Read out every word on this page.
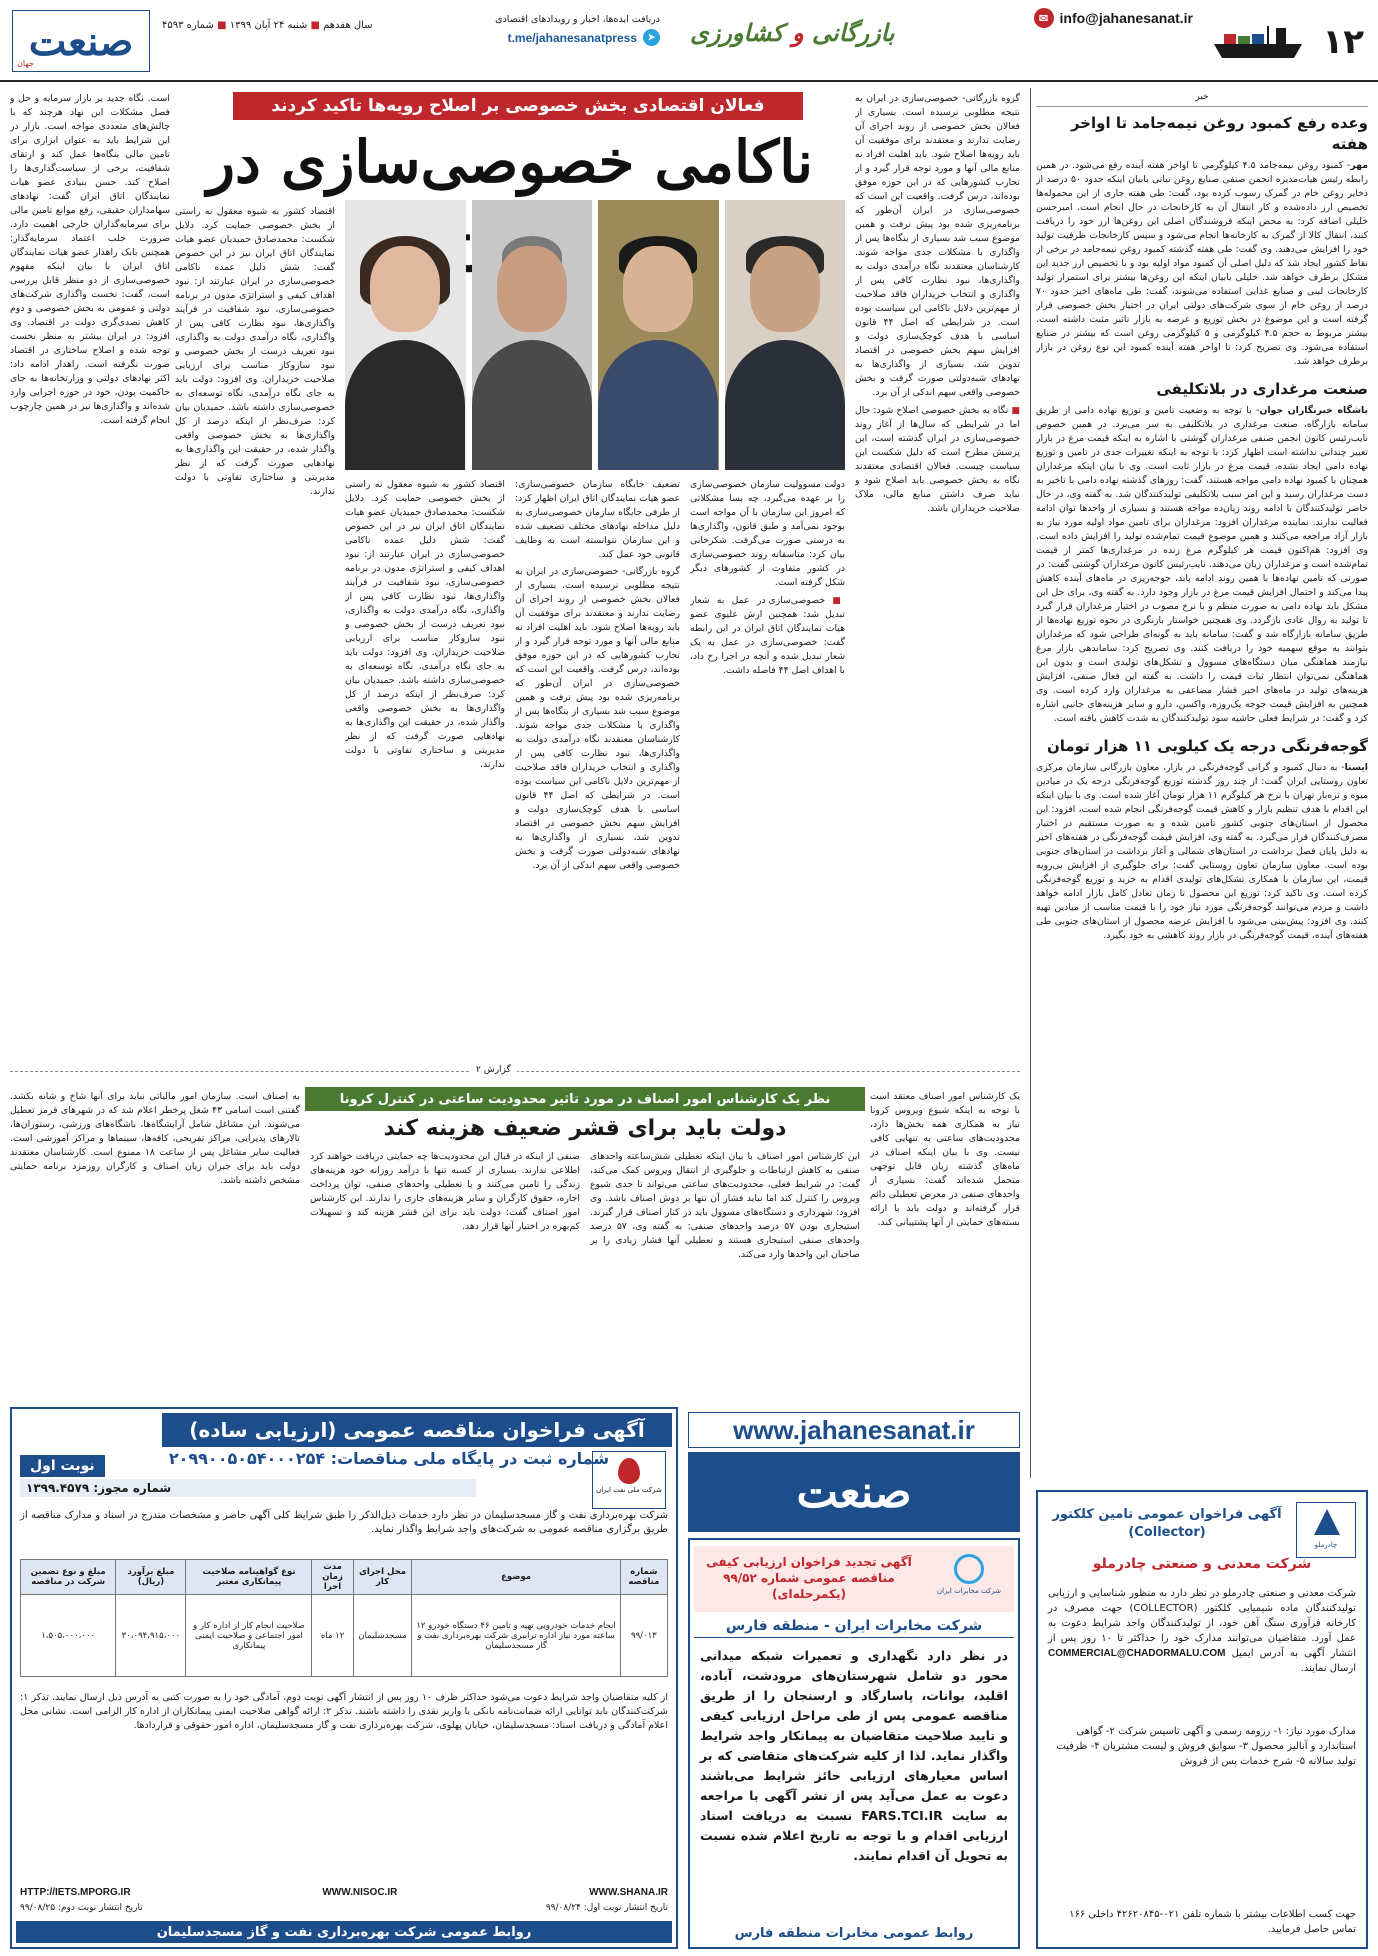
۱۲
✉ info@jahanesanat.ir
بازرگانی و کشاورزی
دریافت ایده‌ها، اخبار و رویدادهای اقتصادی
t.me/jahanesanatpress	➤
سال هفدهم ■ شنبه ۲۴ آبان ۱۳۹۹ ■ شماره ۴۵۹۳
صنعت
جهان
خبر
وعده رفع کمبود روغن نیمه‌جامد تا اواخر هفته

مهر- کمبود روغن نیمه‌جامد ۴.۵ کیلوگرمی تا اواخر هفته آینده رفع می‌شود. در همین رابطه رئیس هیات‌مدیره انجمن صنفی صنایع روغن نباتی بابیان اینکه حدود ۵۰ درصد از ذخایر روغن خام در گمرک رسوب کرده بود، گفت: طی هفته جاری از این محموله‌ها تخصیص ارز داده‌شده و کار انتقال آن به کارخانجات در حال انجام است. امیرحسن خلیلی اضافه کرد: به محض اینکه فروشندگان اصلی این روغن‌ها ارز خود را دریافت کنند، انتقال کالا از گمرک به کارخانه‌ها انجام می‌شود و سپس کارخانجات ظرفیت تولید خود را افزایش می‌دهند. وی گفت: طی هفته گذشته کمبود روغن نیمه‌جامد در برخی از نقاط کشور ایجاد شد که دلیل اصلی آن کمبود مواد اولیه بود و با تخصیص ارز جدید این مشکل برطرف خواهد شد. خلیلی بابیان اینکه این روغن‌ها بیشتر برای استمرار تولید کارخانجات لبنی و صنایع غذایی استفاده می‌شوند، گفت: طی ماه‌های اخیر حدود ۷۰ درصد از روغن خام از سوی شرکت‌های دولتی ایران در اختیار بخش خصوصی قرار گرفته است و این موضوع در بخش توزیع و عرضه به بازار تاثیر مثبت داشته است. بیشتر مربوط به حجم ۴.۵ کیلوگرمی و ۵ کیلوگرمی روغن است که بیشتر در صنایع استفاده می‌شود. وی تصریح کرد: تا اواخر هفته آینده کمبود این نوع روغن در بازار برطرف خواهد شد.

صنعت مرغداری در بلاتکلیفی

باشگاه خبرنگاران جوان- با توجه به وضعیت تامین و توزیع نهاده دامی از طریق سامانه بازارگاه، صنعت مرغداری در بلاتکلیفی به سر می‌برد. در همین خصوص نایب‌رئیس کانون انجمن صنفی مرغداران گوشتی با اشاره به اینکه قیمت مرغ در بازار تغییر چندانی نداشته است اظهار کرد: با توجه به اینکه تغییرات جدی در تامین و توزیع نهاده دامی ایجاد نشده، قیمت مرغ در بازار ثابت است. وی با بیان اینکه مرغداران همچنان با کمبود نهاده دامی مواجه هستند، گفت: روزهای گذشته نهاده دامی با تاخیر به دست مرغداران رسید و این امر سبب بلاتکلیفی تولیدکنندگان شد. به گفته وی، در حال حاضر تولیدکنندگان با ادامه روند زیان‌ده مواجه هستند و بسیاری از واحدها توان ادامه فعالیت ندارند. نماینده مرغداران افزود: مرغداران برای تامین مواد اولیه مورد نیاز به بازار آزاد مراجعه می‌کنند و همین موضوع قیمت تمام‌شده تولید را افزایش داده است. وی افزود: هم‌اکنون قیمت هر کیلوگرم مرغ زنده در مرغداری‌ها کمتر از قیمت تمام‌شده است و مرغداران زیان می‌دهند. نایب‌رئیس کانون مرغداران گوشتی گفت: در صورتی که تامین نهاده‌ها با همین روند ادامه یابد، جوجه‌ریزی در ماه‌های آینده کاهش پیدا می‌کند و احتمال افزایش قیمت مرغ در بازار وجود دارد. به گفته وی، برای حل این مشکل باید نهاده دامی به صورت منظم و با نرخ مصوب در اختیار مرغداران قرار گیرد تا تولید به روال عادی بازگردد. وی همچنین خواستار بازنگری در نحوه توزیع نهاده‌ها از طریق سامانه بازارگاه شد و گفت: سامانه باید به گونه‌ای طراحی شود که مرغداران بتوانند به موقع سهمیه خود را دریافت کنند. وی تصریح کرد: ساماندهی بازار مرغ نیازمند هماهنگی میان دستگاه‌های مسوول و تشکل‌های تولیدی است و بدون این هماهنگی نمی‌توان انتظار ثبات قیمت را داشت. به گفته این فعال صنفی، افزایش هزینه‌های تولید در ماه‌های اخیر فشار مضاعفی به مرغداران وارد کرده است. وی همچنین به افزایش قیمت جوجه یک‌روزه، واکسن، دارو و سایر هزینه‌های جانبی اشاره کرد و گفت: در شرایط فعلی حاشیه سود تولیدکنندگان به شدت کاهش یافته است.

گوجه‌فرنگی درجه یک کیلویی ۱۱ هزار تومان

ایسنا- به دنبال کمبود و گرانی گوجه‌فرنگی در بازار، معاون بازرگانی سازمان مرکزی تعاون روستایی ایران گفت: از چند روز گذشته توزیع گوجه‌فرنگی درجه یک در میادین میوه و تره‌بار تهران با نرخ هر کیلوگرم ۱۱ هزار تومان آغاز شده است. وی با بیان اینکه این اقدام با هدف تنظیم بازار و کاهش قیمت گوجه‌فرنگی انجام شده است، افزود: این محصول از استان‌های جنوبی کشور تامین شده و به صورت مستقیم در اختیار مصرف‌کنندگان قرار می‌گیرد. به گفته وی، افزایش قیمت گوجه‌فرنگی در هفته‌های اخیر به دلیل پایان فصل برداشت در استان‌های شمالی و آغاز برداشت در استان‌های جنوبی بوده است. معاون سازمان تعاون روستایی گفت: برای جلوگیری از افزایش بی‌رویه قیمت، این سازمان با همکاری تشکل‌های تولیدی اقدام به خرید و توزیع گوجه‌فرنگی کرده است. وی تاکید کرد: توزیع این محصول تا زمان تعادل کامل بازار ادامه خواهد داشت و مردم می‌توانند گوجه‌فرنگی مورد نیاز خود را با قیمت مناسب از میادین تهیه کنند. وی افزود: پیش‌بینی می‌شود با افزایش عرضه محصول از استان‌های جنوبی طی هفته‌های آینده، قیمت گوجه‌فرنگی در بازار روند کاهشی به خود بگیرد.

گروه بازرگانی- خصوصی‌سازی در ایران به نتیجه مطلوبی نرسیده است. بسیاری از فعالان بخش خصوصی از روند اجرای آن رضایت ندارند و معتقدند برای موفقیت آن باید رویه‌ها اصلاح شود. باید اهلیت افراد نه منابع مالی آنها و مورد توجه قرار گیرد و از تجارب کشورهایی که در این حوزه موفق بوده‌اند، درس گرفت. واقعیت این است که خصوصی‌سازی در ایران آن‌طور که برنامه‌ریزی شده بود پیش نرفت و همین موضوع سبب شد بسیاری از بنگاه‌ها پس از واگذاری با مشکلات جدی مواجه شوند. کارشناسان معتقدند نگاه درآمدی دولت به واگذاری‌ها، نبود نظارت کافی پس از واگذاری و انتخاب خریداران فاقد صلاحیت از مهم‌ترین دلایل ناکامی این سیاست بوده است. در شرایطی که اصل ۴۴ قانون اساسی با هدف کوچک‌سازی دولت و افزایش سهم بخش خصوصی در اقتصاد تدوین شد، بسیاری از واگذاری‌ها به نهادهای شبه‌دولتی صورت گرفت و بخش خصوصی واقعی سهم اندکی از آن برد.

■ نگاه به بخش خصوصی اصلاح شود: حال اما در شرایطی که سال‌ها از آغاز روند خصوصی‌سازی در ایران گذشته است، این پرسش مطرح است که دلیل شکست این سیاست چیست. فعالان اقتصادی معتقدند نگاه به بخش خصوصی باید اصلاح شود و نباید صرف داشتن منابع مالی، ملاک صلاحیت خریداران باشد.
فعالان اقتصادی بخش خصوصی بر اصلاح رویه‌ها تاکید کردند
ناکامی خصوصی‌سازی در

اقتصاد کشور به شیوه معقول نه راستی از بخش خصوصی حمایت کرد. دلایل شکست: محمدصادق حمیدیان عضو هیات نمایندگان اتاق ایران نیز در این خصوص گفت: شش دلیل عمده ناکامی خصوصی‌سازی در ایران عبارتند از: نبود اهداف کیفی و استراتژی مدون در برنامه خصوصی‌سازی، نبود شفافیت در فرآیند واگذاری‌ها، نبود نظارت کافی پس از واگذاری، نگاه درآمدی دولت به واگذاری، نبود تعریف درست از بخش خصوصی و نبود سازوکار مناسب برای ارزیابی صلاحیت خریداران. وی افزود: دولت باید به جای نگاه درآمدی، نگاه توسعه‌ای به خصوصی‌سازی داشته باشد. حمیدیان بیان کرد: صرف‌نظر از اینکه درصد از کل واگذاری‌ها به بخش خصوصی واقعی واگذار شده، در حقیقت این واگذاری‌ها به نهادهایی صورت گرفت که از نظر مدیریتی و ساختاری تفاوتی با دولت ندارند.

است. نگاه جدید بر بازار سرمایه و حل و فصل مشکلات این نهاد هرچند که با چالش‌های متعددی مواجه است. بازار در این شرایط باید به عنوان ابزاری برای تامین مالی بنگاه‌ها عمل کند و ارتقای شفافیت، برخی از سیاست‌گذاری‌ها را اصلاح کند. حسن بنیادی عضو هیات نمایندگان اتاق ایران گفت: نهادهای سهامداران حقیقی، رفع موانع تامین مالی برای سرمایه‌گذاران خارجی اهمیت دارد. ضرورت جلب اعتماد سرمایه‌گذار: همچنین بابک راهدار عضو هیات نمایندگان اتاق ایران با بیان اینکه مفهوم خصوصی‌سازی از دو منظر قابل بررسی است، گفت: نخست واگذاری شرکت‌های دولتی و عمومی به بخش خصوصی و دوم کاهش تصدی‌گری دولت در اقتصاد. وی افزود: در ایران بیشتر به منظر نخست توجه شده و اصلاح ساختاری در اقتصاد صورت نگرفته است. راهدار ادامه داد: اکثر نهادهای دولتی و وزارتخانه‌ها به جای حاکمیت بودن، خود در حوزه اجرایی وارد شده‌اند و واگذاری‌ها نیز در همین چارچوب انجام گرفته است.

دولت مسوولیت سازمان خصوصی‌سازی را بر عهده می‌گیرد، چه بسا مشکلاتی که امروز این سازمان با آن مواجه است بوجود نمی‌آمد و طبق قانون، واگذاری‌ها به درستی صورت می‌گرفت. شکرخانی بیان کرد: متاسفانه روند خصوصی‌سازی در کشور متفاوت از کشورهای دیگر شکل گرفته است.

■ خصوصی‌سازی در عمل به شعار تبدیل شد: همچنین ارش علیوی عضو هیات نمایندگان اتاق ایران در این رابطه گفت: خصوصی‌سازی در عمل به یک شعار تبدیل شده و آنچه در اجرا رخ داد، با اهداف اصل ۴۴ فاصله داشت.

تضعیف جایگاه سازمان خصوصی‌سازی: عضو هیات نمایندگان اتاق ایران اظهار کرد: از طرفی جایگاه سازمان خصوصی‌سازی به دلیل مداخله نهادهای مختلف تضعیف شده و این سازمان نتوانسته است به وظایف قانونی خود عمل کند.

گروه بازرگانی- خصوصی‌سازی در ایران به نتیجه مطلوبی نرسیده است. بسیاری از فعالان بخش خصوصی از روند اجرای آن رضایت ندارند و معتقدند برای موفقیت آن باید رویه‌ها اصلاح شود. باید اهلیت افراد نه منابع مالی آنها و مورد توجه قرار گیرد و از تجارب کشورهایی که در این حوزه موفق بوده‌اند، درس گرفت. واقعیت این است که خصوصی‌سازی در ایران آن‌طور که برنامه‌ریزی شده بود پیش نرفت و همین موضوع سبب شد بسیاری از بنگاه‌ها پس از واگذاری با مشکلات جدی مواجه شوند. کارشناسان معتقدند نگاه درآمدی دولت به واگذاری‌ها، نبود نظارت کافی پس از واگذاری و انتخاب خریداران فاقد صلاحیت از مهم‌ترین دلایل ناکامی این سیاست بوده است. در شرایطی که اصل ۴۴ قانون اساسی با هدف کوچک‌سازی دولت و افزایش سهم بخش خصوصی در اقتصاد تدوین شد، بسیاری از واگذاری‌ها به نهادهای شبه‌دولتی صورت گرفت و بخش خصوصی واقعی سهم اندکی از آن برد.

اقتصاد کشور به شیوه معقول نه راستی از بخش خصوصی حمایت کرد. دلایل شکست: محمدصادق حمیدیان عضو هیات نمایندگان اتاق ایران نیز در این خصوص گفت: شش دلیل عمده ناکامی خصوصی‌سازی در ایران عبارتند از: نبود اهداف کیفی و استراتژی مدون در برنامه خصوصی‌سازی، نبود شفافیت در فرآیند واگذاری‌ها، نبود نظارت کافی پس از واگذاری، نگاه درآمدی دولت به واگذاری، نبود تعریف درست از بخش خصوصی و نبود سازوکار مناسب برای ارزیابی صلاحیت خریداران. وی افزود: دولت باید به جای نگاه درآمدی، نگاه توسعه‌ای به خصوصی‌سازی داشته باشد. حمیدیان بیان کرد: صرف‌نظر از اینکه درصد از کل واگذاری‌ها به بخش خصوصی واقعی واگذار شده، در حقیقت این واگذاری‌ها به نهادهایی صورت گرفت که از نظر مدیریتی و ساختاری تفاوتی با دولت ندارند.

گزارش ۲
نظر یک کارشناس امور اصناف در مورد تاثیر محدودیت ساعتی در کنترل کرونا
دولت باید برای قشر ضعیف هزینه کند

یک کارشناس امور اصناف معتقد است با توجه به اینکه شیوع ویروس کرونا نیاز به همکاری همه بخش‌ها دارد، محدودیت‌های ساعتی به تنهایی کافی نیست. وی با بیان اینکه اصناف در ماه‌های گذشته زیان قابل توجهی متحمل شده‌اند گفت: بسیاری از واحدهای صنفی در معرض تعطیلی دائم قرار گرفته‌اند و دولت باید با ارائه بسته‌های حمایتی از آنها پشتیبانی کند.

این کارشناس امور اصناف با بیان اینکه تعطیلی شش‌ساعته واحدهای صنفی به کاهش ارتباطات و جلوگیری از انتقال ویروس کمک می‌کند، گفت: در شرایط فعلی، محدودیت‌های ساعتی می‌تواند تا حدی شیوع ویروس را کنترل کند اما نباید فشار آن تنها بر دوش اصناف باشد. وی افزود: شهرداری و دستگاه‌های مسوول باید در کنار اصناف قرار گیرند. استیجاری بودن ۵۷ درصد واحدهای صنفی: به گفته وی، ۵۷ درصد واحدهای صنفی استیجاری هستند و تعطیلی آنها فشار زیادی را بر صاحبان این واحدها وارد می‌کند.

صنفی از اینکه در قبال این محدودیت‌ها چه حمایتی دریافت خواهند کرد اطلاعی ندارند. بسیاری از کسبه تنها با درآمد روزانه خود هزینه‌های زندگی را تامین می‌کنند و با تعطیلی واحدهای صنفی، توان پرداخت اجاره، حقوق کارگران و سایر هزینه‌های جاری را ندارند. این کارشناس امور اصناف گفت: دولت باید برای این قشر هزینه کند و تسهیلات کم‌بهره در اختیار آنها قرار دهد.

به اصناف است. سازمان امور مالیاتی نباید برای آنها شاخ و شانه بکشد. گفتنی است اسامی ۴۳ شغل پرخطر اعلام شد که در شهرهای قرمز تعطیل می‌شوند. این مشاغل شامل آرایشگاه‌ها، باشگاه‌های ورزشی، رستوران‌ها، تالارهای پذیرایی، مراکز تفریحی، کافه‌ها، سینماها و مراکز آموزشی است. فعالیت سایر مشاغل پس از ساعت ۱۸ ممنوع است. کارشناسان معتقدند دولت باید برای جبران زیان اصناف و کارگران روزمزد برنامه حمایتی مشخص داشته باشد.

www.jahanesanat.ir
صنعت
آگهی فراخوان مناقصه عمومی (ارزیابی ساده)
شرکت ملی نفت ایران
شماره ثبت در پایگاه ملی مناقصات: ۲۰۹۹۰۰۵۰۵۴۰۰۰۲۵۴
نوبت اول
شماره مجوز: ۱۳۹۹.۴۵۷۹
شرکت بهره‌برداری نفت و گاز مسجدسلیمان در نظر دارد خدمات ذیل‌الذکر را طبق شرایط کلی آگهی حاضر و مشخصات مندرج در اسناد و مدارک مناقصه از طریق برگزاری مناقصه عمومی به شرکت‌های واجد شرایط واگذار نماید.
شماره مناقصه	موضوع	محل اجرای کار	مدت زمان اجرا	نوع گواهینامه صلاحیت پیمانکاری معتبر	مبلغ برآورد (ریال)	مبلغ و نوع تضمین شرکت در مناقصه
۹۹/۰۱۳	انجام خدمات خودرویی تهیه و تامین ۴۶ دستگاه خودرو ۱۲ ساعته مورد نیاز اداره تراببری شرکت بهره‌برداری نفت و گاز مسجدسلیمان	مسجدسلیمان	۱۲ ماه	صلاحیت انجام کار از اداره کار و امور اجتماعی و صلاحیت ایمنی پیمانکاری	۳۰،۰۹۴،۹۱۵،۰۰۰	۱،۵۰۵،۰۰۰،۰۰۰
از کلیه متقاضیان واجد شرایط دعوت می‌شود حداکثر ظرف ۱۰ روز پس از انتشار آگهی نوبت دوم، آمادگی خود را به صورت کتبی به آدرس ذیل ارسال نمایند. تذکر ۱: شرکت‌کنندگان باید توانایی ارائه ضمانت‌نامه بانکی یا واریز نقدی را داشته باشند. تذکر ۲: ارائه گواهی صلاحیت ایمنی پیمانکاران از اداره کار الزامی است. نشانی محل اعلام آمادگی و دریافت اسناد: مسجدسلیمان، خیابان پهلوی، شرکت بهره‌برداری نفت و گاز مسجدسلیمان، اداره امور حقوقی و قراردادها.
HTTP://IETS.MPORG.IR	WWW.NISOC.IR	WWW.SHANA.IR
تاریخ انتشار نوبت اول: ۹۹/۰۸/۲۴
تاریخ انتشار نوبت دوم: ۹۹/۰۸/۲۵
روابط عمومی شرکت بهره‌برداری نفت و گاز مسجدسلیمان
شرکت مخابرات ایران
آگهی تجدید فراخوان ارزیابی کیفی مناقصه عمومی شماره ۹۹/۵۲ (یکمرحله‌ای)
شرکت مخابرات ایران - منطقه فارس
در نظر دارد نگهداری و تعمیرات شبکه میدانی محور دو شامل شهرستان‌های مرودشت، آباده، اقلید، بوانات، پاسارگاد و ارسنجان را از طریق مناقصه عمومی پس از طی مراحل ارزیابی کیفی و تایید صلاحیت متقاضیان به پیمانکار واجد شرایط واگذار نماید. لذا از کلیه شرکت‌های متقاضی که بر اساس معیارهای ارزیابی حائز شرایط می‌باشند دعوت به عمل می‌آید پس از نشر آگهی با مراجعه به سایت FARS.TCI.IR نسبت به دریافت اسناد ارزیابی اقدام و با توجه به تاریخ اعلام شده نسبت به تحویل آن اقدام نمایند.
روابط عمومی مخابرات منطقه فارس
چادرملو
آگهی فراخوان عمومی تامین کلکتور (Collector)
شرکت معدنی و صنعتی چادرملو
شرکت معدنی و صنعتی چادرملو در نظر دارد به منظور شناسایی و ارزیابی تولیدکنندگان ماده شیمیایی کلکتور (COLLECTOR) جهت مصرف در کارخانه فرآوری سنگ آهن خود، از تولیدکنندگان واجد شرایط دعوت به عمل آورد. متقاضیان می‌توانند مدارک خود را حداکثر تا ۱۰ روز پس از انتشار آگهی به آدرس ایمیل COMMERCIAL@CHADORMALU.COM ارسال نمایند.
مدارک مورد نیاز: ۱- رزومه رسمی و آگهی تاسیس شرکت ۲- گواهی استاندارد و آنالیز محصول ۳- سوابق فروش و لیست مشتریان ۴- ظرفیت تولید سالانه ۵- شرح خدمات پس از فروش
جهت کسب اطلاعات بیشتر با شماره تلفن ۰۲۱-۴۲۶۲۰۸۴۵ داخلی ۱۶۶ تماس حاصل فرمایید.
